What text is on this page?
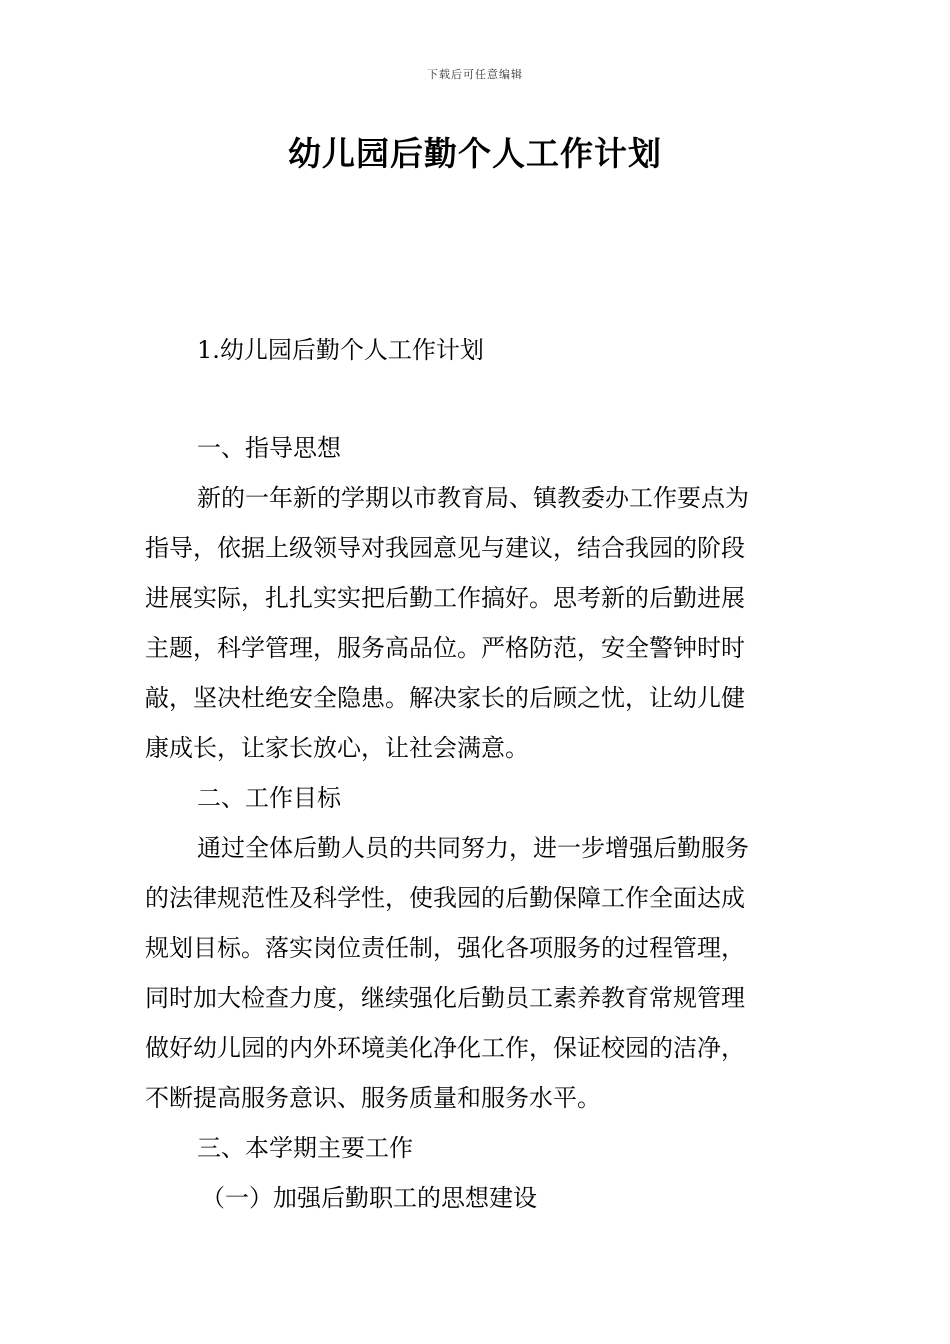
下载后可任意编辑
幼儿园后勤个人工作计划
1.幼儿园后勤个人工作计划
一、指导思想
新的一年新的学期以市教育局、镇教委办工作要点为
指导，依据上级领导对我园意见与建议，结合我园的阶段
进展实际，扎扎实实把后勤工作搞好。思考新的后勤进展
主题，科学管理，服务高品位。严格防范，安全警钟时时
敲，坚决杜绝安全隐患。解决家长的后顾之忧，让幼儿健
康成长，让家长放心，让社会满意。
二、工作目标
通过全体后勤人员的共同努力，进一步增强后勤服务
的法律规范性及科学性，使我园的后勤保障工作全面达成
规划目标。落实岗位责任制，强化各项服务的过程管理，
同时加大检查力度，继续强化后勤员工素养教育常规管理
做好幼儿园的内外环境美化净化工作，保证校园的洁净，
不断提高服务意识、服务质量和服务水平。
三、本学期主要工作
（一）加强后勤职工的思想建设
